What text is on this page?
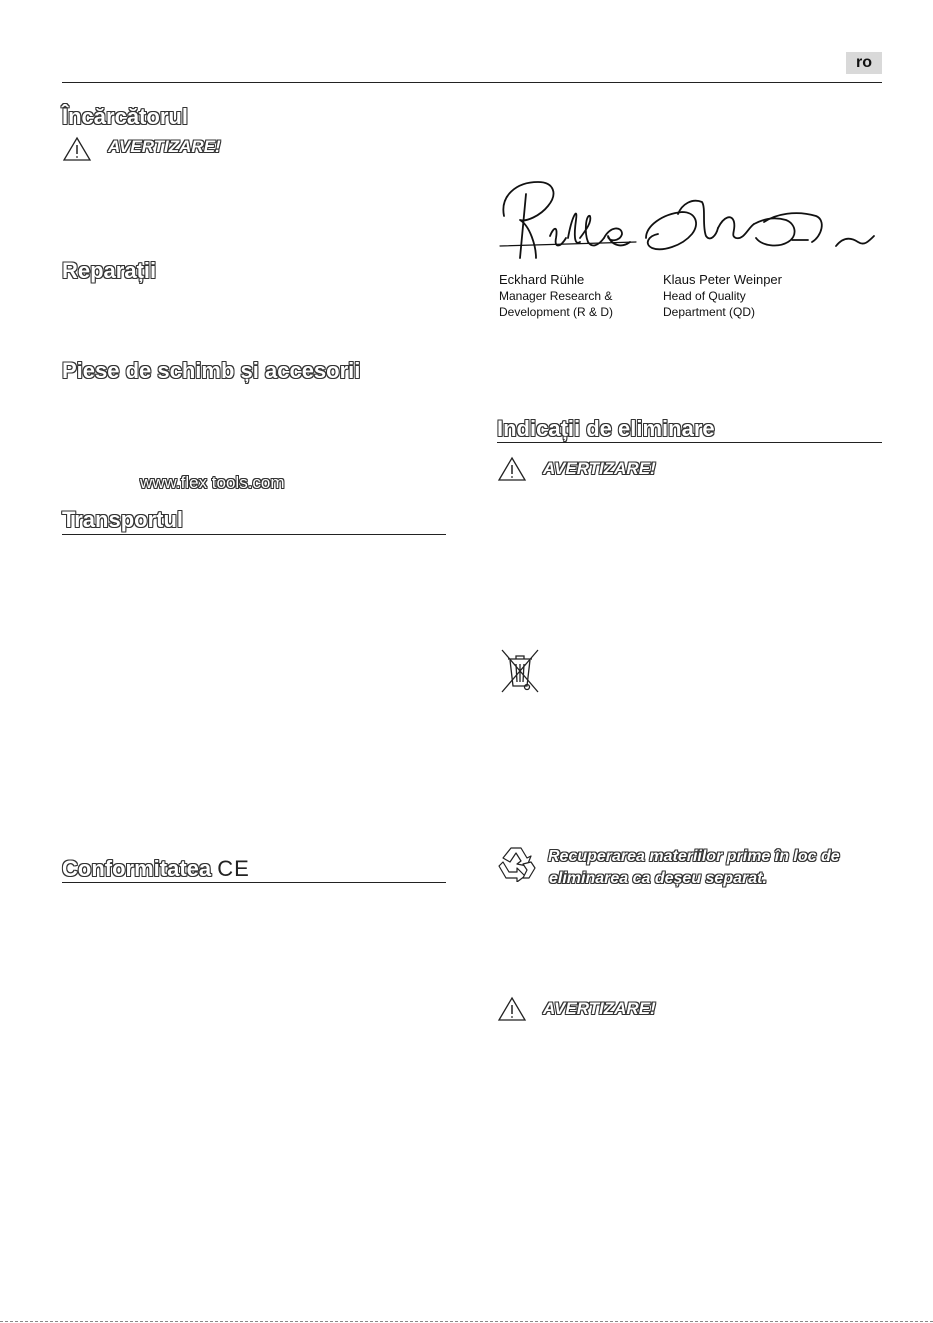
ro
Încărcătorul
AVERTIZARE!
Reparații
Piese de schimb și accesorii
www.flex tools.com
Transportul
Conformitatea CE
Eckhard Rühle
Manager Research &
Development (R & D)
Klaus Peter Weinper
Head of Quality
Department (QD)
Indicații de eliminare
AVERTIZARE!
Recuperarea materiilor prime în loc de
eliminarea ca deșeu separat.
AVERTIZARE!
